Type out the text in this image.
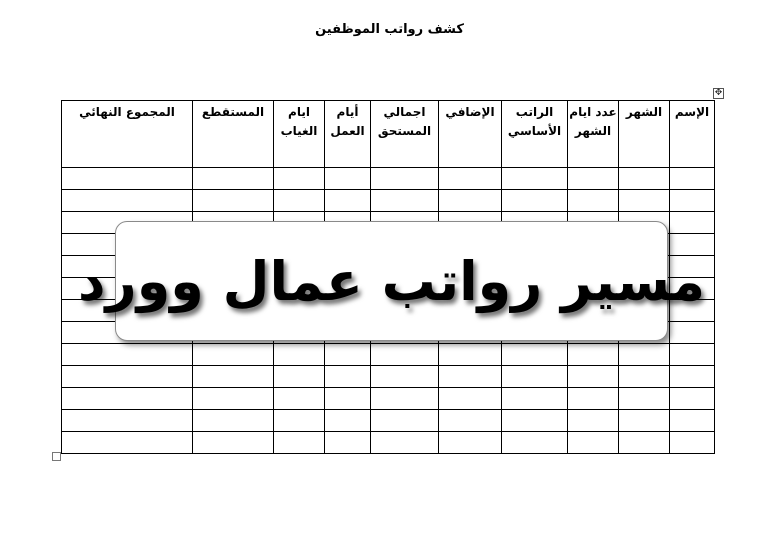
كشف رواتب الموظفين
✥
الإسم	الشهر	عدد ايام الشهر	الراتب الأساسي	الإضافي	اجمالي المستحق	أيام العمل	ايام الغياب	المستقطع	المجموع النهائي

مسير رواتب عمال وورد
